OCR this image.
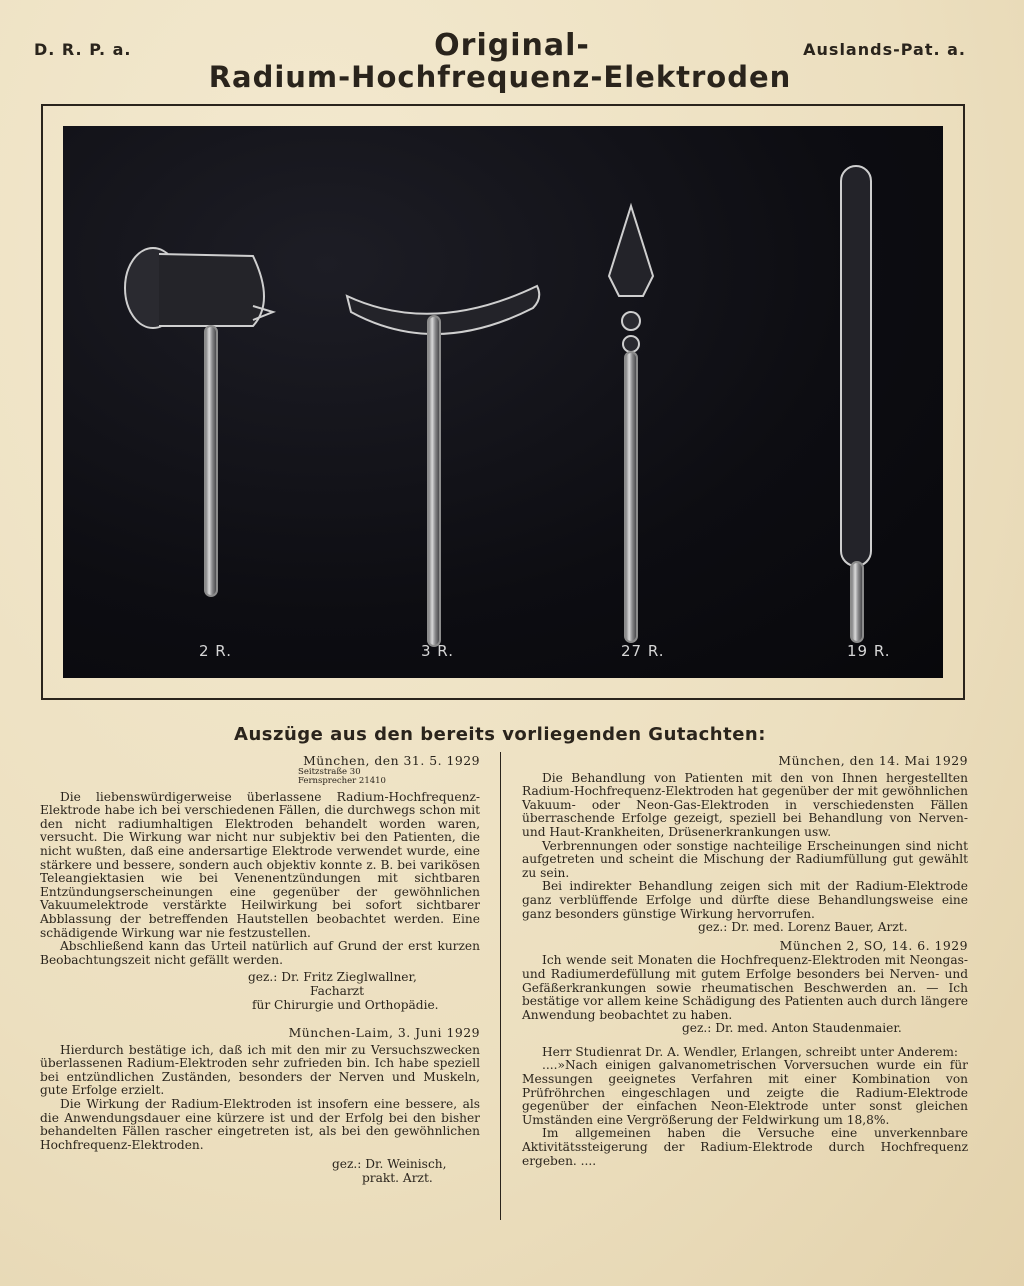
D. R. P. a.	Auslands-Pat. a.
Original-
Radium-Hochfrequenz-Elektroden
2 R.	3 R.	27 R.	19 R.
Auszüge aus den bereits vorliegenden Gutachten:
München, den 31. 5. 1929
Seitzstraße 30
Fernsprecher 21410

Die liebenswürdigerweise überlassene Radium-Hochfrequenz-Elektrode habe ich bei verschiedenen Fällen, die durchwegs schon mit den nicht radiumhaltigen Elektroden behandelt worden waren, versucht. Die Wirkung war nicht nur subjektiv bei den Patienten, die nicht wußten, daß eine andersartige Elektrode verwendet wurde, eine stärkere und bessere, sondern auch objektiv konnte z. B. bei varikösen Teleangiektasien wie bei Venenentzündungen mit sichtbaren Entzündungserscheinungen eine gegenüber der gewöhnlichen Vakuumelektrode verstärkte Heilwirkung bei sofort sichtbarer Abblassung der betreffenden Hautstellen beobachtet werden. Eine schädigende Wirkung war nie festzustellen.

Abschließend kann das Urteil natürlich auf Grund der erst kurzen Beobachtungszeit nicht gefällt werden.

gez.: Dr. Fritz Zieglwallner,
Facharzt
für Chirurgie und Orthopädie.
München-Laim, 3. Juni 1929

Hierdurch bestätige ich, daß ich mit den mir zu Versuchszwecken überlassenen Radium-Elektroden sehr zufrieden bin. Ich habe speziell bei entzündlichen Zuständen, besonders der Nerven und Muskeln, gute Erfolge erzielt.

Die Wirkung der Radium-Elektroden ist insofern eine bessere, als die Anwendungsdauer eine kürzere ist und der Erfolg bei den bisher behandelten Fällen rascher eingetreten ist, als bei den gewöhnlichen Hochfrequenz-Elektroden.

gez.: Dr. Weinisch,
prakt. Arzt.
München, den 14. Mai 1929

Die Behandlung von Patienten mit den von Ihnen hergestellten Radium-Hochfrequenz-Elektroden hat gegenüber der mit gewöhnlichen Vakuum- oder Neon-Gas-Elektroden in verschiedensten Fällen überraschende Erfolge gezeigt, speziell bei Behandlung von Nerven- und Haut-Krankheiten, Drüsenerkrankungen usw.

Verbrennungen oder sonstige nachteilige Erscheinungen sind nicht aufgetreten und scheint die Mischung der Radiumfüllung gut gewählt zu sein.

Bei indirekter Behandlung zeigen sich mit der Radium-Elektrode ganz verblüffende Erfolge und dürfte diese Behandlungsweise eine ganz besonders günstige Wirkung hervorrufen.

gez.: Dr. med. Lorenz Bauer, Arzt.
München 2, SO, 14. 6. 1929

Ich wende seit Monaten die Hochfrequenz-Elektroden mit Neongas- und Radiumerdefüllung mit gutem Erfolge besonders bei Nerven- und Gefäßerkrankungen sowie rheumatischen Beschwerden an. — Ich bestätige vor allem keine Schädigung des Patienten auch durch längere Anwendung beobachtet zu haben.

gez.: Dr. med. Anton Staudenmaier.

Herr Studienrat Dr. A. Wendler, Erlangen, schreibt unter Anderem:

....»Nach einigen galvanometrischen Vorversuchen wurde ein für Messungen geeignetes Verfahren mit einer Kombination von Prüfröhrchen eingeschlagen und zeigte die Radium-Elektrode gegenüber der einfachen Neon-Elektrode unter sonst gleichen Umständen eine Vergrößerung der Feldwirkung um 18,8%.

Im allgemeinen haben die Versuche eine unverkennbare Aktivitätssteigerung der Radium-Elektrode durch Hochfrequenz ergeben. ....
